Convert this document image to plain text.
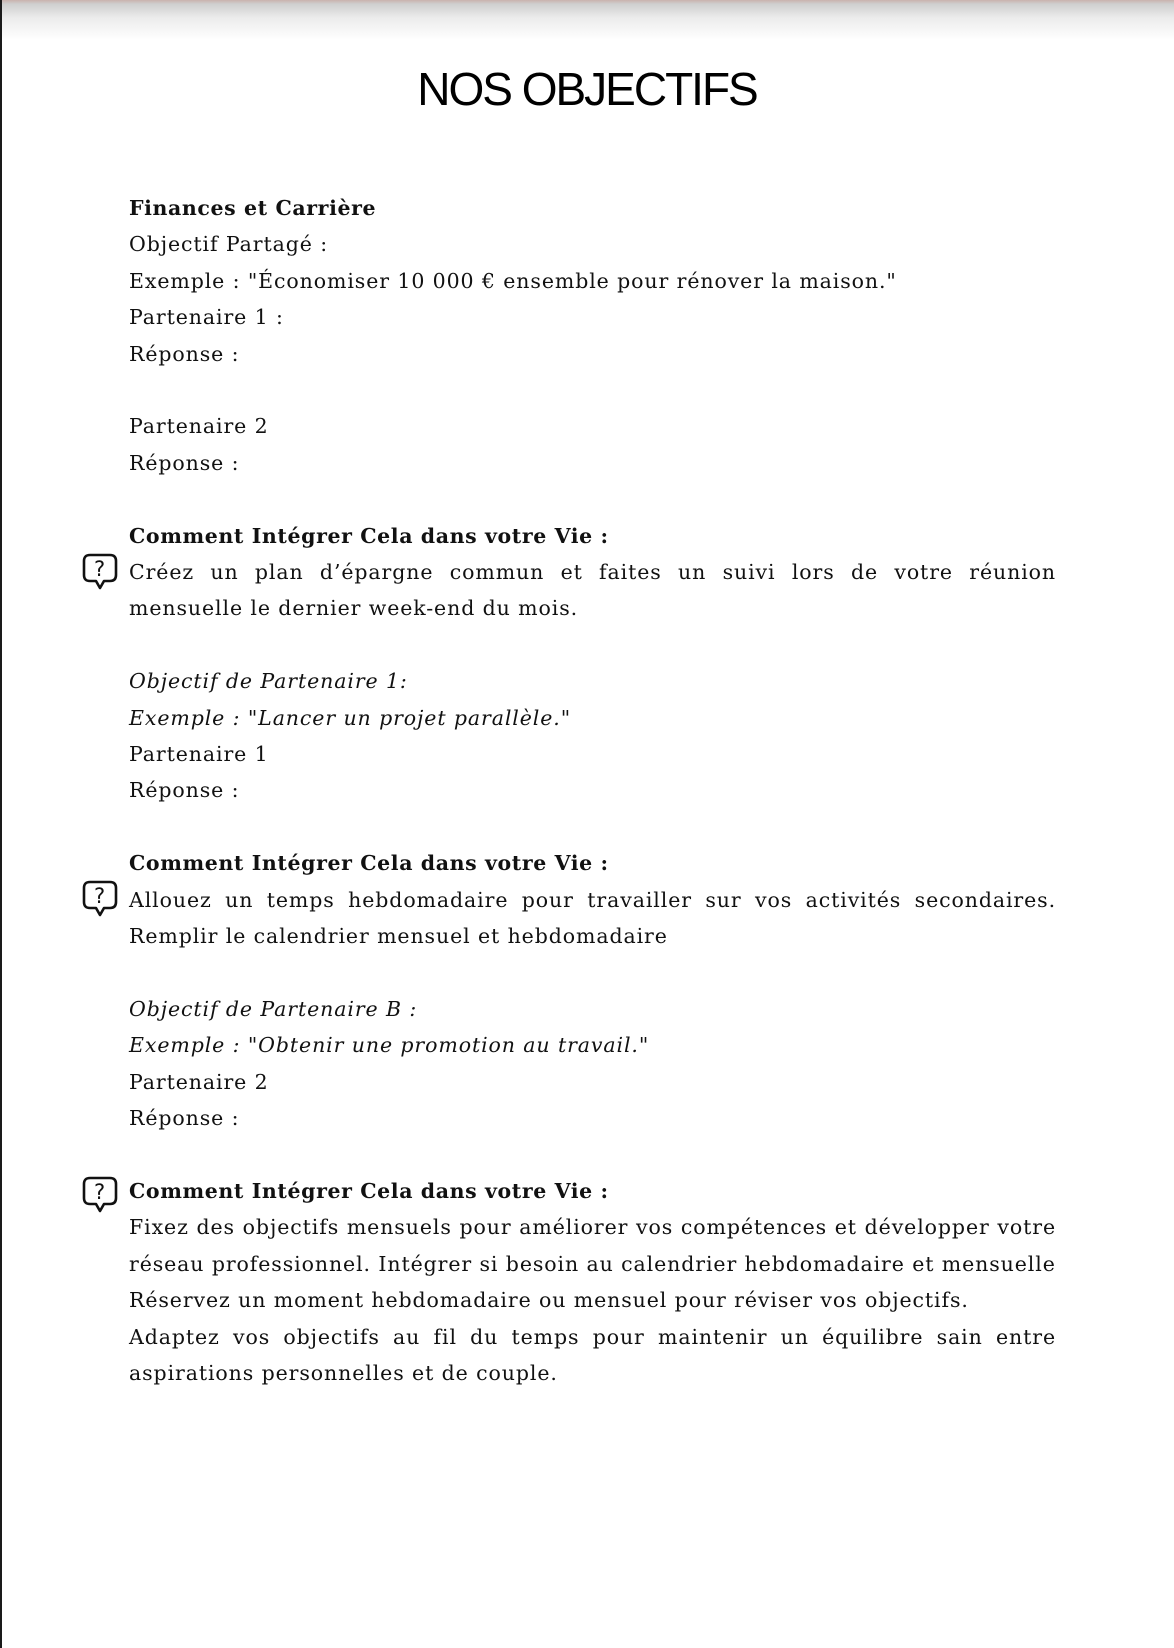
NOS OBJECTIFS
Finances et Carrière
Objectif Partagé :
Exemple : "Économiser 10 000 € ensemble pour rénover la maison."
Partenaire 1 :
Réponse :
Partenaire 2
Réponse :
?
Comment Intégrer Cela dans votre Vie :
Créez un plan d’épargne commun et faites un suivi lors de votre réunion mensuelle le dernier week-end du mois.
Objectif de Partenaire 1:
Exemple : "Lancer un projet parallèle."
Partenaire 1
Réponse :
?
Comment Intégrer Cela dans votre Vie :
Allouez un temps hebdomadaire pour travailler sur vos activités secondaires. Remplir le calendrier mensuel et hebdomadaire
Objectif de Partenaire B :
Exemple : "Obtenir une promotion au travail."
Partenaire 2
Réponse :
? Comment Intégrer Cela dans votre Vie :
Fixez des objectifs mensuels pour améliorer vos compétences et développer votre réseau professionnel. Intégrer si besoin au calendrier hebdomadaire et mensuelle
Réservez un moment hebdomadaire ou mensuel pour réviser vos objectifs.
Adaptez vos objectifs au fil du temps pour maintenir un équilibre sain entre aspirations personnelles et de couple.
